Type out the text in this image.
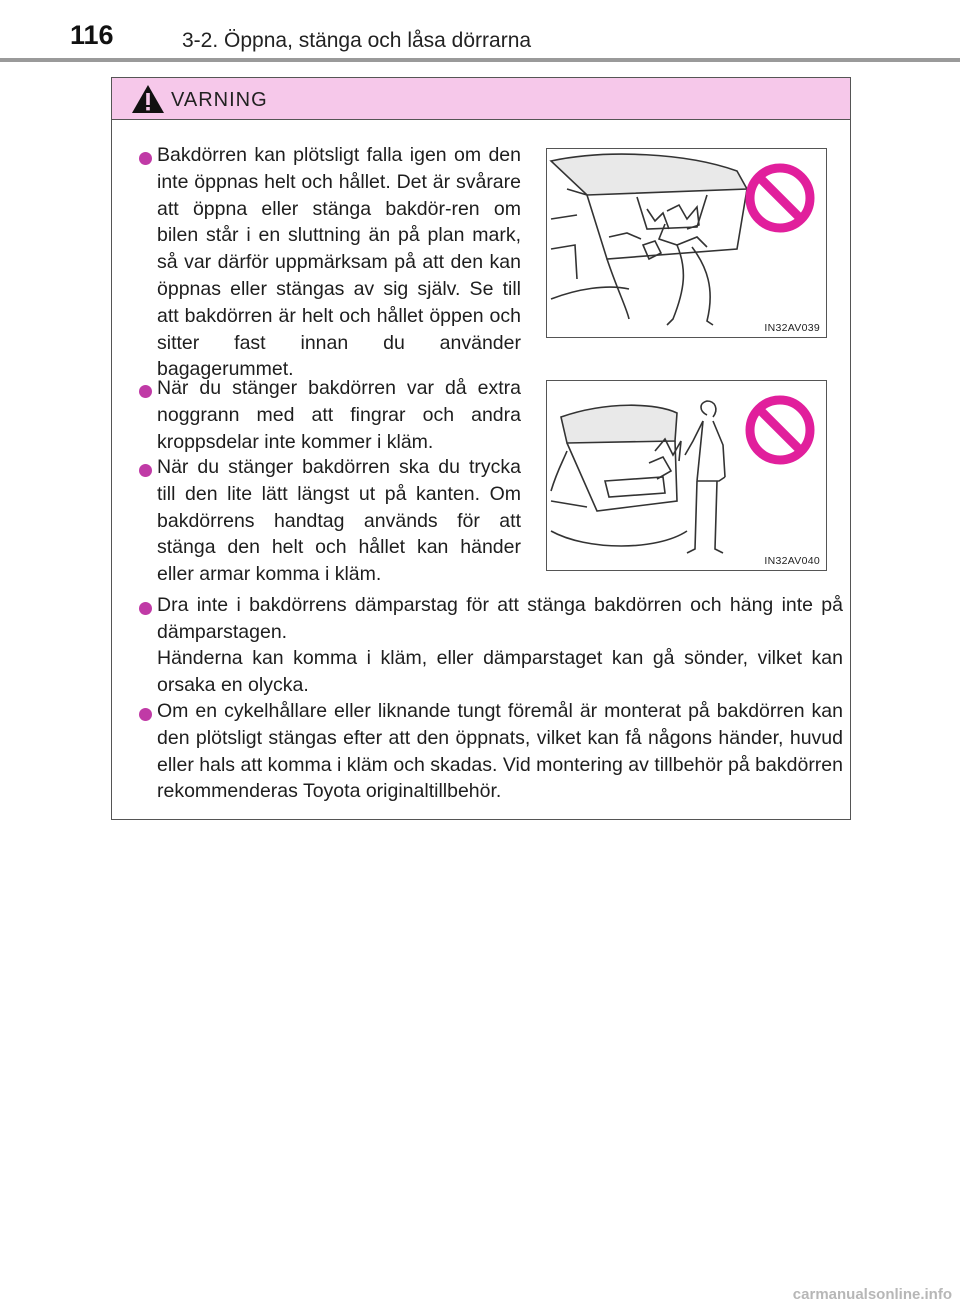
116	3-2. Öppna, stänga och låsa dörrarna
VARNING

Bakdörren kan plötsligt falla igen om den inte öppnas helt och hållet. Det är svårare att öppna eller stänga bakdör-ren om bilen står i en sluttning än på plan mark, så var därför uppmärksam på att den kan öppnas eller stängas av sig själv. Se till att bakdörren är helt och hållet öppen och sitter fast innan du använder bagagerummet.

IN32AV039

När du stänger bakdörren var då extra noggrann med att fingrar och andra kroppsdelar inte kommer i kläm.

När du stänger bakdörren ska du trycka till den lite lätt längst ut på kanten. Om bakdörrens handtag används för att stänga den helt och hållet kan händer eller armar komma i kläm.

IN32AV040

Dra inte i bakdörrens dämparstag för att stänga bakdörren och häng inte på dämparstagen.

Händerna kan komma i kläm, eller dämparstaget kan gå sönder, vilket kan orsaka en olycka.

Om en cykelhållare eller liknande tungt föremål är monterat på bakdörren kan den plötsligt stängas efter att den öppnats, vilket kan få någons händer, huvud eller hals att komma i kläm och skadas. Vid montering av tillbehör på bakdörren rekommenderas Toyota originaltillbehör.

carmanualsonline.info
